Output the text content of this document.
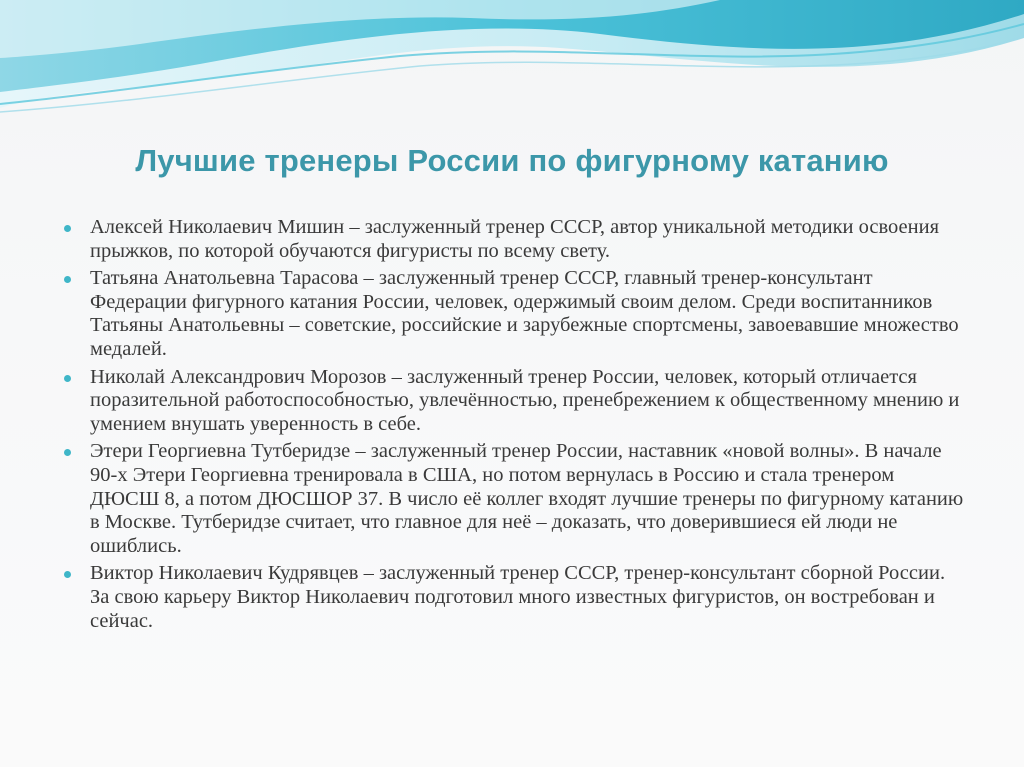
Лучшие тренеры России по фигурному катанию
Алексей Николаевич Мишин – заслуженный тренер СССР, автор уникальной методики освоения прыжков, по которой обучаются фигуристы по всему свету.
Татьяна Анатольевна Тарасова – заслуженный тренер СССР, главный тренер-консультант Федерации фигурного катания России, человек, одержимый своим делом. Среди воспитанников Татьяны Анатольевны – советские, российские и зарубежные спортсмены, завоевавшие множество медалей.
Николай Александрович Морозов – заслуженный тренер России, человек, который отличается поразительной работоспособностью, увлечённостью, пренебрежением к общественному мнению и умением внушать уверенность в себе.
Этери Георгиевна Тутберидзе – заслуженный тренер России, наставник «новой волны». В начале 90-х Этери Георгиевна тренировала в США, но потом вернулась в Россию и стала тренером ДЮСШ 8, а потом ДЮСШОР 37. В число её коллег входят лучшие тренеры по фигурному катанию в Москве. Тутберидзе считает, что главное для неё – доказать, что доверившиеся ей люди не ошиблись.
Виктор Николаевич Кудрявцев – заслуженный тренер СССР, тренер-консультант сборной России. За свою карьеру Виктор Николаевич подготовил много известных фигуристов, он востребован и сейчас.
